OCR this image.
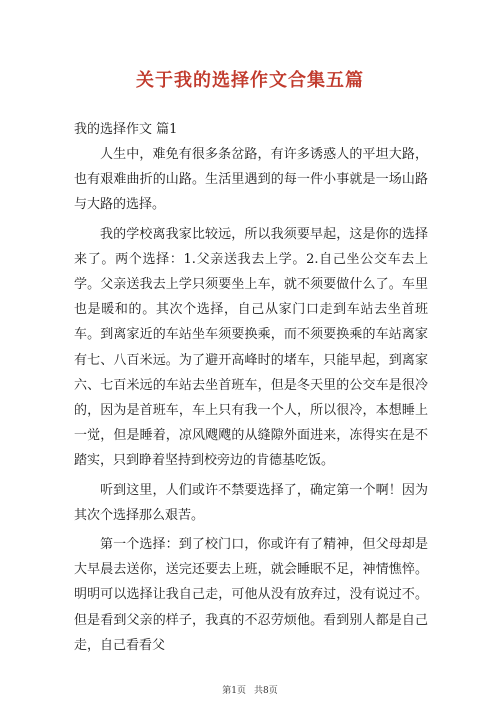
关于我的选择作文合集五篇
我的选择作文 篇1

人生中，难免有很多条岔路，有许多诱惑人的平坦大路，也有艰难曲折的山路。生活里遇到的每一件小事就是一场山路与大路的选择。

我的学校离我家比较远，所以我须要早起，这是你的选择来了。两个选择：1.父亲送我去上学。2.自己坐公交车去上学。父亲送我去上学只须要坐上车，就不须要做什么了。车里也是暖和的。其次个选择，自己从家门口走到车站去坐首班车。到离家近的车站坐车须要换乘，而不须要换乘的车站离家有七、八百米远。为了避开高峰时的堵车，只能早起，到离家六、七百米远的车站去坐首班车，但是冬天里的公交车是很冷的，因为是首班车，车上只有我一个人，所以很冷，本想睡上一觉，但是睡着，凉风飕飕的从缝隙外面进来，冻得实在是不踏实，只到睁着坚持到校旁边的肯德基吃饭。

听到这里，人们或许不禁要选择了，确定第一个啊！因为其次个选择那么艰苦。

第一个选择：到了校门口，你或许有了精神，但父母却是大早晨去送你，送完还要去上班，就会睡眠不足，神情憔悴。明明可以选择让我自己走，可他从没有放弃过，没有说过不。但是看到父亲的样子，我真的不忍劳烦他。看到别人都是自己走，自己看看父

第1页 共8页
